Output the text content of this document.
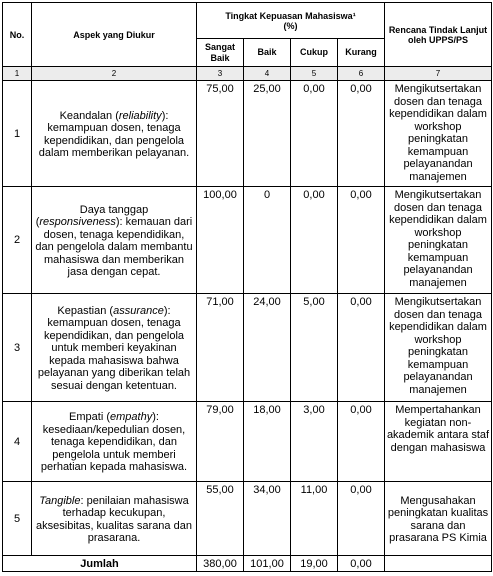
No.	Aspek yang Diukur	Tingkat Kepuasan Mahasiswa¹
(%)				Rencana Tindak Lanjut oleh UPPS/PS
		Sangat Baik	Baik	Cukup	Kurang	
1	2	3	4	5	6	7
1	Keandalan (reliability): kemampuan dosen, tenaga kependidikan, dan pengelola dalam memberikan pelayanan.	75,00	25,00	0,00	0,00	Mengikutsertakan dosen dan tenaga kependidikan dalam workshop peningkatan kemampuan pelayanandan manajemen
2	Daya tanggap (responsiveness): kemauan dari dosen, tenaga kependidikan, dan pengelola dalam membantu mahasiswa dan memberikan jasa dengan cepat.	100,00	0	0,00	0,00	Mengikutsertakan dosen dan tenaga kependidikan dalam workshop peningkatan kemampuan pelayanandan manajemen
3	Kepastian (assurance): kemampuan dosen, tenaga kependidikan, dan pengelola untuk memberi keyakinan kepada mahasiswa bahwa pelayanan yang diberikan telah sesuai dengan ketentuan.	71,00	24,00	5,00	0,00	Mengikutsertakan dosen dan tenaga kependidikan dalam workshop peningkatan kemampuan pelayanandan manajemen
4	Empati (empathy): kesediaan/kepedulian dosen, tenaga kependidikan, dan pengelola untuk memberi perhatian kepada mahasiswa.	79,00	18,00	3,00	0,00	Mempertahankan kegiatan non-akademik antara staf dengan mahasiswa
5	Tangible: penilaian mahasiswa terhadap kecukupan, aksesibitas, kualitas sarana dan prasarana.	55,00	34,00	11,00	0,00	Mengusahakan peningkatan kualitas sarana dan prasarana PS Kimia
Jumlah		380,00	101,00	19,00	0,00	
